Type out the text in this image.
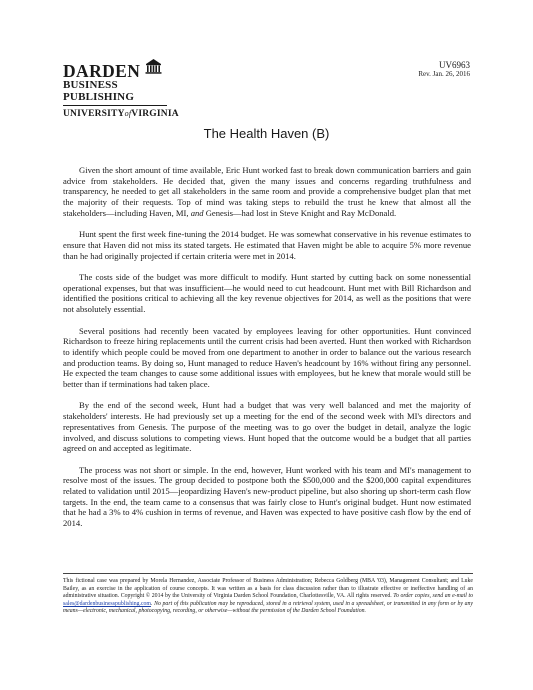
DARDEN
BUSINESS PUBLISHING
UNIVERSITYofVIRGINIA
UV6963
Rev. Jan. 26, 2016
The Health Haven (B)

Given the short amount of time available, Eric Hunt worked fast to break down communication barriers and gain advice from stakeholders. He decided that, given the many issues and concerns regarding truthfulness and transparency, he needed to get all stakeholders in the same room and provide a comprehensive budget plan that met the majority of their requests. Top of mind was taking steps to rebuild the trust he knew that almost all the stakeholders—including Haven, MI, and Genesis—had lost in Steve Knight and Ray McDonald.

Hunt spent the first week fine-tuning the 2014 budget. He was somewhat conservative in his revenue estimates to ensure that Haven did not miss its stated targets. He estimated that Haven might be able to acquire 5% more revenue than he had originally projected if certain criteria were met in 2014.

The costs side of the budget was more difficult to modify. Hunt started by cutting back on some nonessential operational expenses, but that was insufficient—he would need to cut headcount. Hunt met with Bill Richardson and identified the positions critical to achieving all the key revenue objectives for 2014, as well as the positions that were not absolutely essential.

Several positions had recently been vacated by employees leaving for other opportunities. Hunt convinced Richardson to freeze hiring replacements until the current crisis had been averted. Hunt then worked with Richardson to identify which people could be moved from one department to another in order to balance out the various research and production teams. By doing so, Hunt managed to reduce Haven's headcount by 16% without firing any personnel. He expected the team changes to cause some additional issues with employees, but he knew that morale would still be better than if terminations had taken place.

By the end of the second week, Hunt had a budget that was very well balanced and met the majority of stakeholders' interests. He had previously set up a meeting for the end of the second week with MI's directors and representatives from Genesis. The purpose of the meeting was to go over the budget in detail, analyze the logic involved, and discuss solutions to competing views. Hunt hoped that the outcome would be a budget that all parties agreed on and accepted as legitimate.

The process was not short or simple. In the end, however, Hunt worked with his team and MI's management to resolve most of the issues. The group decided to postpone both the $500,000 and the $200,000 capital expenditures related to validation until 2015—jeopardizing Haven's new-product pipeline, but also shoring up short-term cash flow targets. In the end, the team came to a consensus that was fairly close to Hunt's original budget. Hunt now estimated that he had a 3% to 4% cushion in terms of revenue, and Haven was expected to have positive cash flow by the end of 2014.

This fictional case was prepared by Morela Hernandez, Associate Professor of Business Administration; Rebecca Goldberg (MBA '03), Management Consultant; and Luke Bailey, as an exercise in the application of course concepts. It was written as a basis for class discussion rather than to illustrate effective or ineffective handling of an administrative situation. Copyright © 2014 by the University of Virginia Darden School Foundation, Charlottesville, VA. All rights reserved. To order copies, send an e-mail to sales@dardenbusinesspublishing.com. No part of this publication may be reproduced, stored in a retrieval system, used in a spreadsheet, or transmitted in any form or by any means—electronic, mechanical, photocopying, recording, or otherwise—without the permission of the Darden School Foundation.
